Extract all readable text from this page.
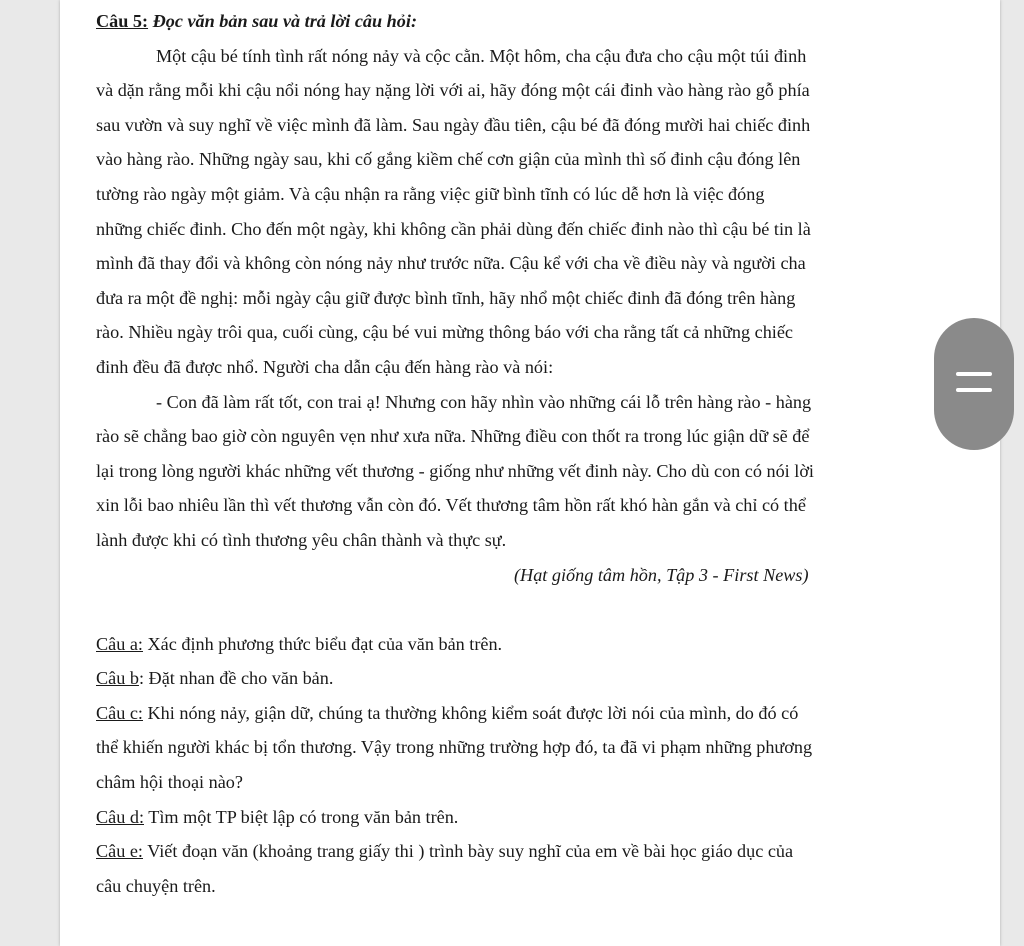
Câu 5: Đọc văn bản sau và trả lời câu hỏi:
Một cậu bé tính tình rất nóng nảy và cộc cằn. Một hôm, cha cậu đưa cho cậu một túi đinh
và dặn rằng mỗi khi cậu nổi nóng hay nặng lời với ai, hãy đóng một cái đinh vào hàng rào gỗ phía
sau vườn và suy nghĩ về việc mình đã làm. Sau ngày đầu tiên, cậu bé đã đóng mười hai chiếc đinh
vào hàng rào. Những ngày sau, khi cố gắng kiềm chế cơn giận của mình thì số đinh cậu đóng lên
tường rào ngày một giảm. Và cậu nhận ra rằng việc giữ bình tĩnh có lúc dễ hơn là việc đóng
những chiếc đinh. Cho đến một ngày, khi không cần phải dùng đến chiếc đinh nào thì cậu bé tin là
mình đã thay đổi và không còn nóng nảy như trước nữa. Cậu kể với cha về điều này và người cha
đưa ra một đề nghị: mỗi ngày cậu giữ được bình tĩnh, hãy nhổ một chiếc đinh đã đóng trên hàng
rào. Nhiều ngày trôi qua, cuối cùng, cậu bé vui mừng thông báo với cha rằng tất cả những chiếc
đinh đều đã được nhổ. Người cha dẫn cậu đến hàng rào và nói:
- Con đã làm rất tốt, con trai ạ! Nhưng con hãy nhìn vào những cái lỗ trên hàng rào - hàng
rào sẽ chẳng bao giờ còn nguyên vẹn như xưa nữa. Những điều con thốt ra trong lúc giận dữ sẽ để
lại trong lòng người khác những vết thương - giống như những vết đinh này. Cho dù con có nói lời
xin lỗi bao nhiêu lần thì vết thương vẫn còn đó. Vết thương tâm hồn rất khó hàn gắn và chỉ có thể
lành được khi có tình thương yêu chân thành và thực sự.
(Hạt giống tâm hồn, Tập 3 - First News)
Câu a: Xác định phương thức biểu đạt của văn bản trên.
Câu b: Đặt nhan đề cho văn bản.
Câu c: Khi nóng nảy, giận dữ, chúng ta thường không kiểm soát được lời nói của mình, do đó có
thể khiến người khác bị tổn thương. Vậy trong những trường hợp đó, ta đã vi phạm những phương
châm hội thoại nào?
Câu d: Tìm một TP biệt lập có trong văn bản trên.
Câu e: Viết đoạn văn (khoảng trang giấy thi ) trình bày suy nghĩ của em về bài học giáo dục của
câu chuyện trên.
